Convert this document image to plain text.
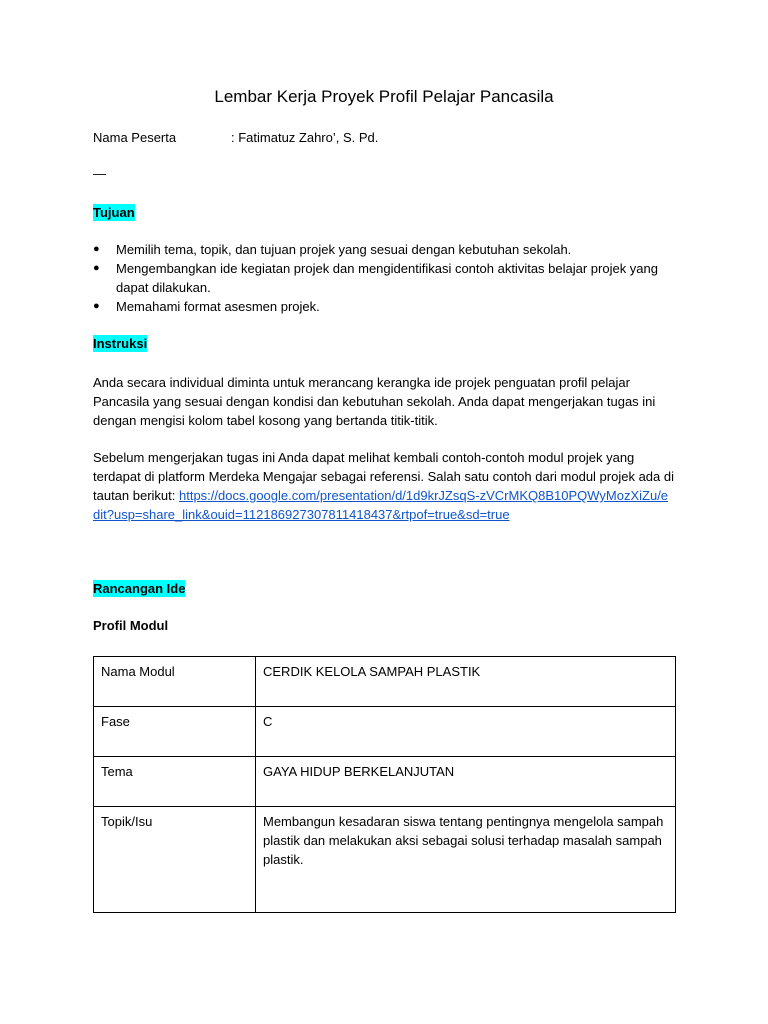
Lembar Kerja Proyek Profil Pelajar Pancasila
Nama Peserta	: Fatimatuz Zahro’, S. Pd.
—
Tujuan
●	Memilih tema, topik, dan tujuan projek yang sesuai dengan kebutuhan sekolah.
●	Mengembangkan ide kegiatan projek dan mengidentifikasi contoh aktivitas belajar projek yang dapat dilakukan.
●	Memahami format asesmen projek.
Instruksi

Anda secara individual diminta untuk merancang kerangka ide projek penguatan profil pelajar Pancasila yang sesuai dengan kondisi dan kebutuhan sekolah. Anda dapat mengerjakan tugas ini dengan mengisi kolom tabel kosong yang bertanda titik-titik.

Sebelum mengerjakan tugas ini Anda dapat melihat kembali contoh-contoh modul projek yang terdapat di platform Merdeka Mengajar sebagai referensi. Salah satu contoh dari modul projek ada di tautan berikut: https://docs.google.com/presentation/d/1d9krJZsqS-zVCrMKQ8B10PQWyMozXiZu/edit?usp=share_link&ouid=112186927307811418437&rtpof=true&sd=true

Rancangan Ide
Profil Modul
Nama Modul	CERDIK KELOLA SAMPAH PLASTIK
Fase	C
Tema	GAYA HIDUP BERKELANJUTAN
Topik/Isu	Membangun kesadaran siswa tentang pentingnya mengelola sampah plastik dan melakukan aksi sebagai solusi terhadap masalah sampah plastik.
